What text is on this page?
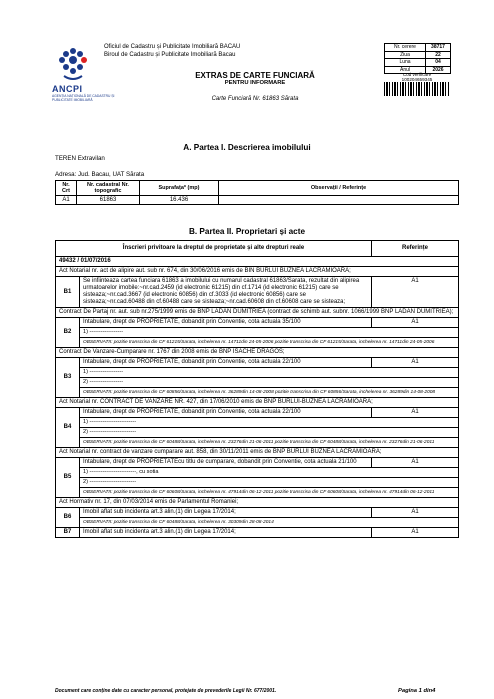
ANCPI
AGENȚIA NAȚIONALĂ DE CADASTRU ȘI PUBLICITATE IMOBILIARĂ
Oficiul de Cadastru și Publicitate Imobiliară BACAU
Biroul de Cadastru și Publicitate Imobiliară Bacau
EXTRAS DE CARTE FUNCIARĂ
PENTRU INFORMARE
Carte Funciară Nr. 61863 Sărata
Nr. cerere	38717
Ziua	22
Luna	04
Anul	2026
Cod verificare
100204659345
A. Partea I. Descrierea imobilului
TEREN Extravilan
Adresa: Jud. Bacau, UAT Sărata
Nr. Crt	Nr. cadastral Nr. topografic	Suprafața* (mp)	Observații / Referințe
A1	61863	16.436	
B. Partea II. Proprietari și acte
Înscrieri privitoare la dreptul de proprietate și alte drepturi reale		Referințe
49432 / 01/07/2016		
Act Notarial nr. act de alipire aut. sub nr. 674, din 30/06/2016 emis de BIN BURLUI BUZNEA LACRAMIOARA;		
B1	Se infiinteaza cartea funciara 61863 a imobilului cu numarul cadastral 61863/Sarata, rezultat din alipirea urmatoarelor imobile:~nr.cad.2459 (id electronic 61215) din cf.1714 (id electronic 61215) care se sisteaza;~nr.cad.3667 (id electronic 60856) din cf.3033 (id electronic 60856) care se sisteaza;~nr.cad.60488 din cf.60488 care se sisteaza;~nr.cad.60608 din cf.60608 care se sisteaza;	A1
Contract De Partaj nr. aut. sub nr.275/1999 emis de BNP LADAN DUMITRIEA (contract de schimb aut. subnr. 1066/1999 BNP LADAN DUMITRIEA);		
B2	Intabulare, drept de PROPRIETATE, dobandit prin Conventie, cota actuala 35/100	A1
	1) ------------------	
	OBSERVATII: pozitie transcrisa din CF 61215/Sarata, inchelerea nr. 14711din 24-05-2006 pozitie transcrisa din CF 61215/Sarata, inchelerea nr. 14711din 24-05-2006	
Contract De Vanzare-Cumparare nr. 1767 din 2008 emis de BNP ISACHE DRAGOS;		
B3	Intabulare, drept de PROPRIETATE, dobandit prin Conventie, cota actuala 22/100	A1
	1) ------------------	
	2) ------------------	
	OBSERVATII: pozitie transcrisa din CF 60856/Sarata, inchelerea nr. 36289din 14-08-2008 pozitie transcrisa din CF 60856/Sarata, inchelerea nr. 36289din 14-08-2008	
Act Notarial nr. CONTRACT DE VANZARE NR. 427, din 17/06/2010 emis de BNP BURLUI-BUZNEA LACRAMIOARA;		
B4	Intabulare, drept de PROPRIETATE, dobandit prin Conventie, cota actuala 22/100	A1
	1) -------------------------	
	2) -------------------------	
	OBSERVATII: pozitie transcrisa din CF 60488/Sarata, inchelerea nr. 23276din 21-06-2011 pozitie transcrisa din CF 60488/Sarata, inchelerea nr. 23276din 21-06-2011	
Act Notarial nr. contract de vanzare cumparare aut. 858, din 30/11/2011 emis de BNP BURLUI BUZNEA LACRAMIOARA;		
B5	Intabulare, drept de PROPRIETATEcu titlu de cumparare, dobandit prin Conventie, cota actuala 21/100	A1
	1) -------------------------, cu sotia	
	2) -------------------------	
	OBSERVATII: pozitie transcrisa din CF 60608/Sarata, inchelerea nr. 47914din 06-12-2011 pozitie transcrisa din CF 60608/Sarata, inchelerea nr. 47914din 06-12-2011	
Act Hormativ nr. 17, din 07/03/2014 emis de Parlamentul Romaniei;		
B6	Imobil aflat sub incidenta art.3 alin.(1) din Legea 17/2014;	A1
	OBSERVATII: pozitie transcrisa din CF 60488/Sarata, inchelerea nr. 30309din 28-08-2014	
B7	Imobil aflat sub incidenta art.3 alin.(1) din Legea 17/2014;	A1
Document care conține date cu caracter personal, protejate de prevederile Legii Nr. 677/2001.	Pagina 1 din4
